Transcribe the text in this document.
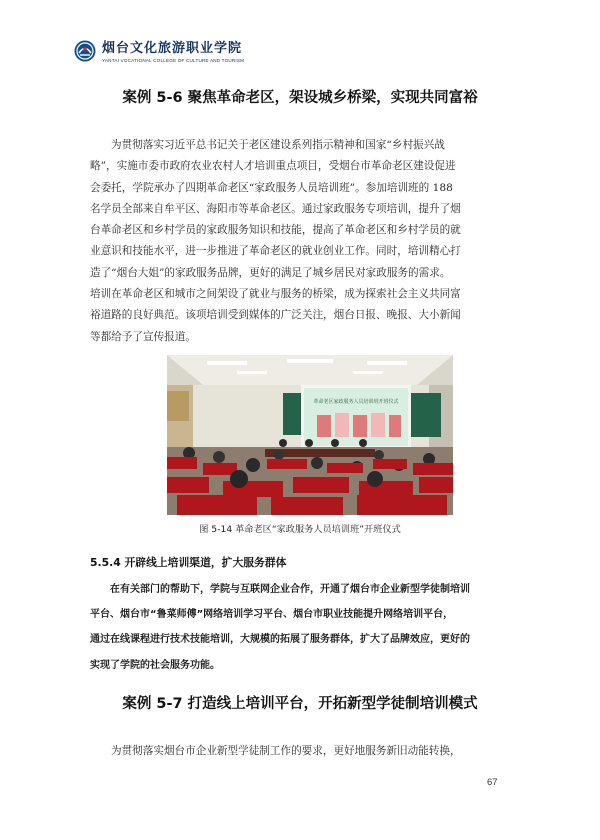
烟台文化旅游职业学院
YANTAI VOCATIONAL COLLEGE OF CULTURE AND TOURISM
案例 5-6 聚焦革命老区，架设城乡桥梁，实现共同富裕
为贯彻落实习近平总书记关于老区建设系列指示精神和国家“乡村振兴战
略”，实施市委市政府农业农村人才培训重点项目，受烟台市革命老区建设促进
会委托，学院承办了四期革命老区“家政服务人员培训班”。参加培训班的 188
名学员全部来自牟平区、海阳市等革命老区。通过家政服务专项培训，提升了烟
台革命老区和乡村学员的家政服务知识和技能，提高了革命老区和乡村学员的就
业意识和技能水平，进一步推进了革命老区的就业创业工作。同时，培训精心打
造了“烟台大姐”的家政服务品牌，更好的满足了城乡居民对家政服务的需求。
培训在革命老区和城市之间架设了就业与服务的桥梁，成为探索社会主义共同富
裕道路的良好典范。该项培训受到媒体的广泛关注，烟台日报、晚报、大小新闻
等都给予了宣传报道。
革命老区家政服务人员培训班开班仪式
图 5-14 革命老区“家政服务人员培训班”开班仪式
5.5.4 开辟线上培训渠道，扩大服务群体
在有关部门的帮助下，学院与互联网企业合作，开通了烟台市企业新型学徒制培训
平台、烟台市“鲁菜师傅”网络培训学习平台、烟台市职业技能提升网络培训平台，
通过在线课程进行技术技能培训，大规模的拓展了服务群体，扩大了品牌效应，更好的
实现了学院的社会服务功能。
案例 5-7 打造线上培训平台，开拓新型学徒制培训模式
为贯彻落实烟台市企业新型学徒制工作的要求，更好地服务新旧动能转换，
67
